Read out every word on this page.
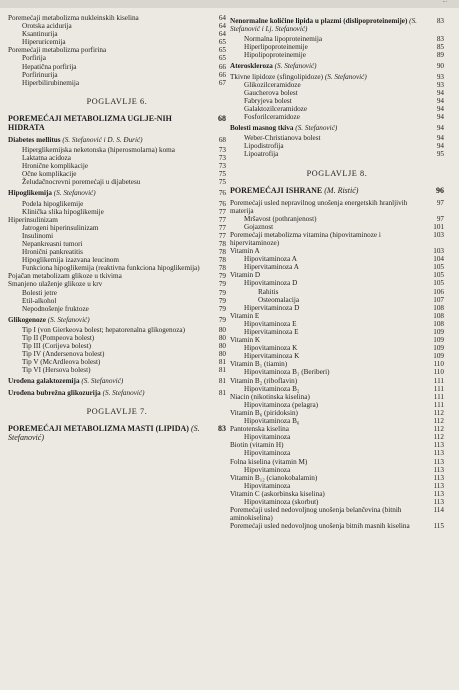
...
Poremećaji metabolizma nukleinskih kiselina	64
Orotska acidurija	64
Ksantinurija	64
Hiperuricemija	65
Poremećaji metabolizma porfirina	65
Porfirija	65
Hepatična porfirija	66
Porfirinurija	66
Hiperbilirubinemija	67
POGLAVLJE 6.
POREMEĆAJI METABOLIZMA UGLJE-NIH HIDRATA
68
Diabetes mellitus (S. Stefanović i D. S. Đurić)	68
Hiperglikemijska neketonska (hiperosmolarna) koma	73
Laktatna acidoza	73
Hronične komplikacije	73
Očne komplikacije	75
Želudačnocrevni poremećaji u dijabetesu	75
Hipoglikemija (S. Stefanović)	76
Podela hipoglikemije	76
Klinička slika hipoglikemije	77
Hiperinsulinizam	77
Jatrogeni hiperinsulinizam	77
Insulinomi	77
Nepankreasni tumori	78
Hronični pankreatitis	78
Hipoglikemija izazvana leucinom	78
Funkciona hipoglikemija (reaktivna funkciona hipoglikemija)	78
Pojačan metabolizam glikoze u tkivima	79
Smanjeno ulaženje glikoze u krv	79
Bolesti jetre	79
Etil-alkohol	79
Nepodnošenje fruktoze	79
Glikogenoze (S. Stefanović)	79
Tip I (von Gierkeova bolest; hepatorenalna glikogenoza)	80
Tip II (Pompeova bolest)	80
Tip III (Corijeva bolest)	80
Tip IV (Andersenova bolest)	80
Tip V (McArdleova bolest)	81
Tip VI (Hersova bolest)	81
Urođena galaktozemija (S. Stefanović)	81
Urođena bubrežna glikozurija (S. Stefanović)	81
POGLAVLJE 7.
POREMEĆAJI METABOLIZMA MASTI (LIPIDA) (S. Stefanović)
83
Nenormalne količine lipida u plazmi (dislipoproteinemije) (S. Stefanović i Lj. Stefanović)
83
Normalna lipoproteinemija	83
Hiperlipoproteinemije	85
Hipolipoproteinemije	89
Ateroskleroza (S. Stefanović)	90
Tkivne lipidoze (sfingolipidoze) (S. Stefanović)	93
Glikozilceramidoze	93
Gaucherova bolest	94
Fabryjeva bolest	94
Galaktozilceramidoze	94
Fosforilceramidoze	94
Bolesti masnog tkiva (S. Stefanović)	94
Weber-Christianova bolest	94
Lipodistrofija	94
Lipoatrofija	95
POGLAVLJE 8.
POREMEĆAJI ISHRANE (M. Ristić)	96
Poremećaji usled nepravilnog unošenja energetskih hranljivih materija
97
Mršavost (pothranjenost)	97
Gojaznost	101
Poremećaji metabolizma vitamina (hipovitaminoze i hipervitaminoze)
103
Vitamin A	103
Hipovitaminoza A	104
Hipervitaminoza A	105
Vitamin D	105
Hipovitaminoza D	105
Rahitis	106
Osteomalacija	107
Hipervitaminoza D	108
Vitamin E	108
Hipovitaminoza E	108
Hipervitaminoza E	109
Vitamin K	109
Hipovitaminoza K	109
Hipervitaminoza K	109
Vitamin B₁ (tiamin)	110
Hipovitaminoza B₁ (Beriberi)	110
Vitamin B₂ (riboflavin)	111
Hipovitaminoza B₂	111
Niacin (nikotinska kiselina)	111
Hipovitaminoza (pelagra)	111
Vitamin B₆ (piridoksin)	112
Hipovitaminoza B₆	112
Pantotenska kiselina	112
Hipovitaminoza	112
Biotin (vitamin H)	113
Hipovitaminoza	113
Folna kiselina (vitamin M)	113
Hipovitaminoza	113
Vitamin B₁₂ (cianokobalamin)	113
Hipovitaminoza	113
Vitamin C (askorbinska kiselina)	113
Hipovitaminoza (skorbut)	113
Poremećaji usled nedovoljnog unošenja belančevina (bitnih aminokiselina)
114
Poremećaji usled nedovoljnog unošenja bitnih masnih kiselina	115
